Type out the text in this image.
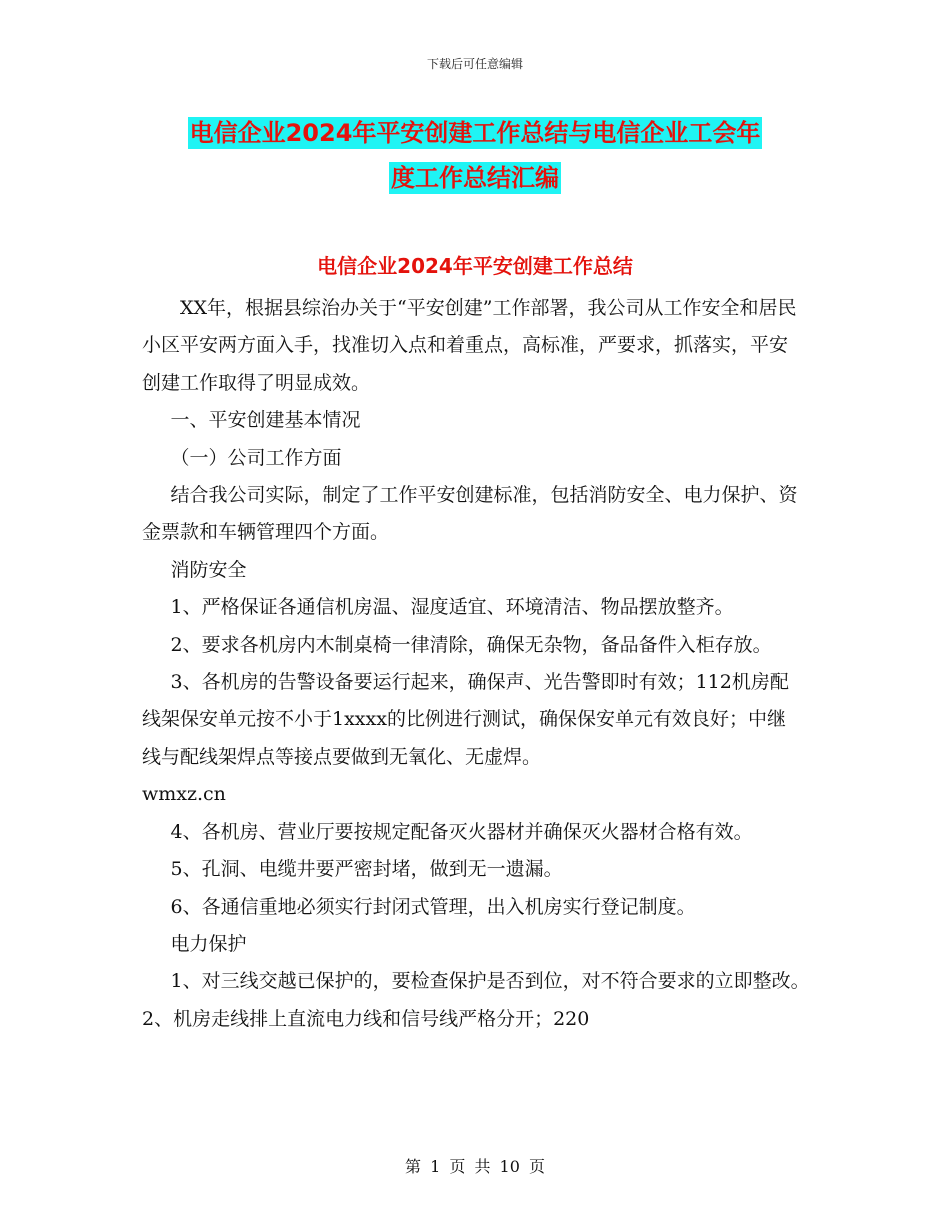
下载后可任意编辑
电信企业2024年平安创建工作总结与电信企业工会年
度工作总结汇编
电信企业2024年平安创建工作总结

XX年，根据县综治办关于“平安创建”工作部署，我公司从工作安全和居民小区平安两方面入手，找准切入点和着重点，高标准，严要求，抓落实，平安创建工作取得了明显成效。

一、平安创建基本情况

（一）公司工作方面

结合我公司实际，制定了工作平安创建标准，包括消防安全、电力保护、资金票款和车辆管理四个方面。

消防安全

1、严格保证各通信机房温、湿度适宜、环境清洁、物品摆放整齐。

2、要求各机房内木制桌椅一律清除，确保无杂物，备品备件入柜存放。

3、各机房的告警设备要运行起来，确保声、光告警即时有效；112机房配线架保安单元按不小于1xxxx的比例进行测试，确保保安单元有效良好；中继线与配线架焊点等接点要做到无氧化、无虚焊。

wmxz.cn

4、各机房、营业厅要按规定配备灭火器材并确保灭火器材合格有效。

5、孔洞、电缆井要严密封堵，做到无一遗漏。

6、各通信重地必须实行封闭式管理，出入机房实行登记制度。

电力保护

1、对三线交越已保护的，要检查保护是否到位，对不符合要求的立即整改。　　2、机房走线排上直流电力线和信号线严格分开；220

第 1 页 共 10 页
